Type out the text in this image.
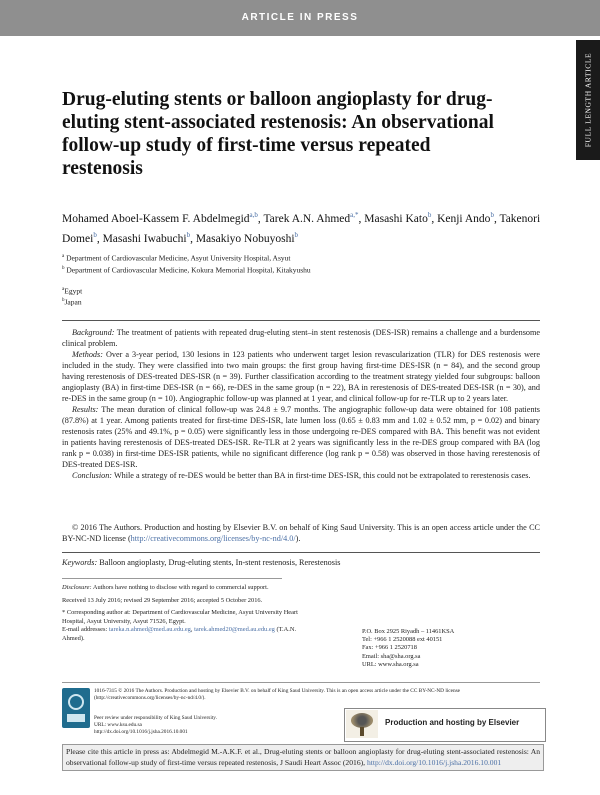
ARTICLE IN PRESS
FULL LENGTH ARTICLE
Drug-eluting stents or balloon angioplasty for drug-eluting stent-associated restenosis: An observational follow-up study of first-time versus repeated restenosis
Mohamed Aboel-Kassem F. Abdelmegid$^{a,b}$, Tarek A.N. Ahmed$^{a,*}$, Masashi Kato$^b$, Kenji Ando$^b$, Takenori Domei$^b$, Masashi Iwabuchi$^b$, Masakiyo Nobuyoshi$^b$
$^a$ Department of Cardiovascular Medicine, Asyut University Hospital, Asyut
$^b$ Department of Cardiovascular Medicine, Kokura Memorial Hospital, Kitakyushu
$^a$Egypt
$^b$Japan

Background: The treatment of patients with repeated drug-eluting stent–in stent restenosis (DES-ISR) remains a challenge and a burdensome clinical problem.

Methods: Over a 3-year period, 130 lesions in 123 patients who underwent target lesion revascularization (TLR) for DES restenosis were included in the study. They were classified into two main groups: the first group having first-time DES-ISR (n = 84), and the second group having rerestenosis of DES-treated DES-ISR (n = 39). Further classification according to the treatment strategy yielded four subgroups: balloon angioplasty (BA) in first-time DES-ISR (n = 66), re-DES in the same group (n = 22), BA in rerestenosis of DES-treated DES-ISR (n = 30), and re-DES in the same group (n = 10). Angiographic follow-up was planned at 1 year, and clinical follow-up for re-TLR up to 2 years later.

Results: The mean duration of clinical follow-up was 24.8 ± 9.7 months. The angiographic follow-up data were obtained for 108 patients (87.8%) at 1 year. Among patients treated for first-time DES-ISR, late lumen loss (0.65 ± 0.83 mm and 1.02 ± 0.52 mm, p = 0.02) and binary restenosis rates (25% and 49.1%, p = 0.05) were significantly less in those undergoing re-DES compared with BA. This benefit was not evident in patients having rerestenosis of DES-treated DES-ISR. Re-TLR at 2 years was significantly less in the re-DES group compared with BA (log rank p = 0.038) in first-time DES-ISR patients, while no significant difference (log rank p = 0.58) was observed in those having rerestenosis of DES-treated DES-ISR.

Conclusion: While a strategy of re-DES would be better than BA in first-time DES-ISR, this could not be extrapolated to rerestenosis cases.

© 2016 The Authors. Production and hosting by Elsevier B.V. on behalf of King Saud University. This is an open access article under the CC BY-NC-ND license (http://creativecommons.org/licenses/by-nc-nd/4.0/).
Keywords: Balloon angioplasty, Drug-eluting stents, In-stent restenosis, Rerestenosis

Disclosure: Authors have nothing to disclose with regard to commercial support.

Received 13 July 2016; revised 29 September 2016; accepted 5 October 2016.

* Corresponding author at: Department of Cardiovascular Medicine, Asyut University Heart Hospital, Asyut University, Asyut 71526, Egypt.
E-mail addresses: tareka.n.ahmed@med.au.edu.eg, tarek.ahmed20@med.au.edu.eg (T.A.N. Ahmed).

P.O. Box 2925 Riyadh – 11461KSA
Tel: +966 1 2520088 ext 40151
Fax: +966 1 2520718
Email: sha@sha.org.sa
URL: www.sha.org.sa
1016-7315 © 2016 The Authors. Production and hosting by Elsevier B.V. on behalf of King Saud University. This is an open access article under the CC BY-NC-ND license (http://creativecommons.org/licenses/by-nc-nd/4.0/).
Peer review under responsibility of King Saud University.
URL: www.ksu.edu.sa
http://dx.doi.org/10.1016/j.jsha.2016.10.001
Production and hosting by Elsevier
Please cite this article in press as: Abdelmegid M.-A.K.F. et al., Drug-eluting stents or balloon angioplasty for drug-eluting stent-associated restenosis: An observational follow-up study of first-time versus repeated restenosis, J Saudi Heart Assoc (2016), http://dx.doi.org/10.1016/j.jsha.2016.10.001
